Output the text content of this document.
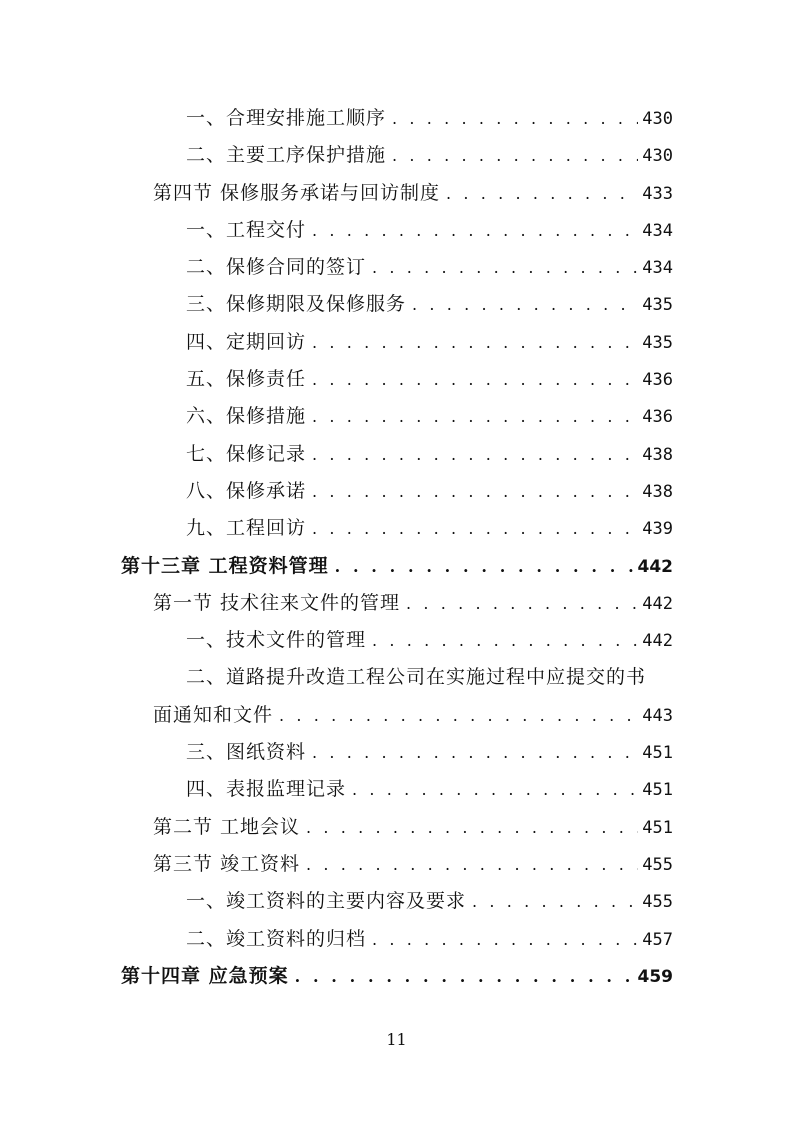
一、合理安排施工顺序 . . .	430
二、主要工序保护措施 . . .	430
第四节 保修服务承诺与回访制度 . . .	433
一、工程交付 . . .	434
二、保修合同的签订 . . .	434
三、保修期限及保修服务 . . .	435
四、定期回访 . . .	435
五、保修责任 . . .	436
六、保修措施 . . .	436
七、保修记录 . . .	438
八、保修承诺 . . .	438
九、工程回访 . . .	439
第十三章 工程资料管理 . . .	442
第一节 技术往来文件的管理 . . .	442
一、技术文件的管理 . . .	442
二、道路提升改造工程公司在实施过程中应提交的书
面通知和文件 . . .	443
三、图纸资料 . . .	451
四、表报监理记录 . . .	451
第二节 工地会议 . . .	451
第三节 竣工资料 . . .	455
一、竣工资料的主要内容及要求 . . .	455
二、竣工资料的归档 . . .	457
第十四章 应急预案 . . .	459
11
